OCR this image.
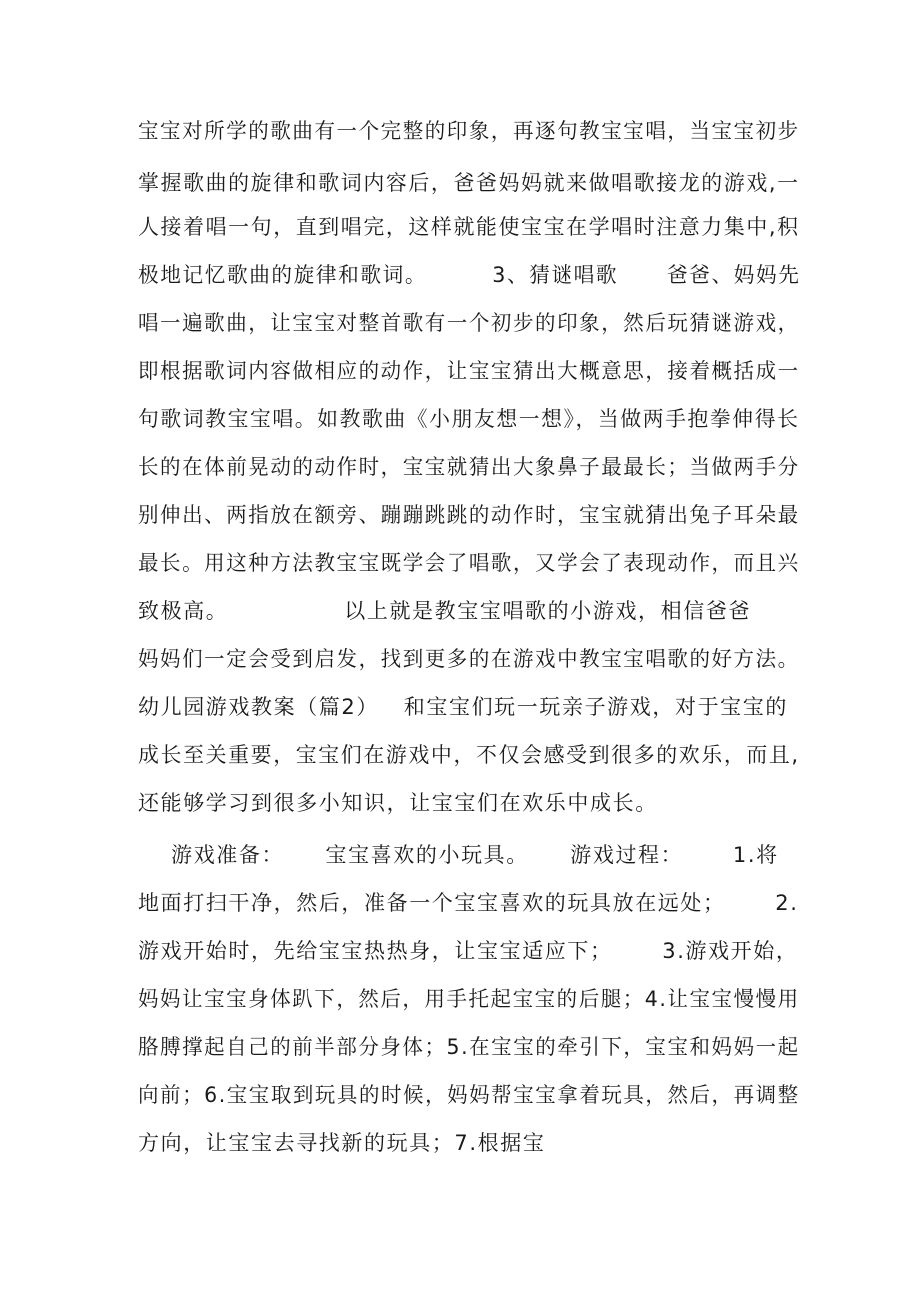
宝宝对所学的歌曲有一个完整的印象，再逐句教宝宝唱，当宝宝初步
掌握歌曲的旋律和歌词内容后，爸爸妈妈就来做唱歌接龙的游戏,一
人接着唱一句，直到唱完，这样就能使宝宝在学唱时注意力集中,积
极地记忆歌曲的旋律和歌词。        3、猜谜唱歌      爸爸、妈妈先
唱一遍歌曲，让宝宝对整首歌有一个初步的印象，然后玩猜谜游戏，
即根据歌词内容做相应的动作，让宝宝猜出大概意思，接着概括成一
句歌词教宝宝唱。如教歌曲《小朋友想一想》，当做两手抱拳伸得长
长的在体前晃动的动作时，宝宝就猜出大象鼻子最最长；当做两手分
别伸出、两指放在额旁、蹦蹦跳跳的动作时，宝宝就猜出兔子耳朵最
最长。用这种方法教宝宝既学会了唱歌，又学会了表现动作，而且兴
致极高。              以上就是教宝宝唱歌的小游戏，相信爸爸
妈妈们一定会受到启发，找到更多的在游戏中教宝宝唱歌的好方法。
幼儿园游戏教案（篇2）   和宝宝们玩一玩亲子游戏，对于宝宝的
成长至关重要，宝宝们在游戏中，不仅会感受到很多的欢乐，而且,
还能够学习到很多小知识，让宝宝们在欢乐中成长。
游戏准备：     宝宝喜欢的小玩具。     游戏过程：      1.将
地面打扫干净，然后，准备一个宝宝喜欢的玩具放在远处；      2.
游戏开始时，先给宝宝热热身，让宝宝适应下；      3.游戏开始，
妈妈让宝宝身体趴下，然后，用手托起宝宝的后腿；4.让宝宝慢慢用
胳膊撑起自己的前半部分身体；5.在宝宝的牵引下，宝宝和妈妈一起
向前；6.宝宝取到玩具的时候，妈妈帮宝宝拿着玩具，然后，再调整
方向，让宝宝去寻找新的玩具；7.根据宝
